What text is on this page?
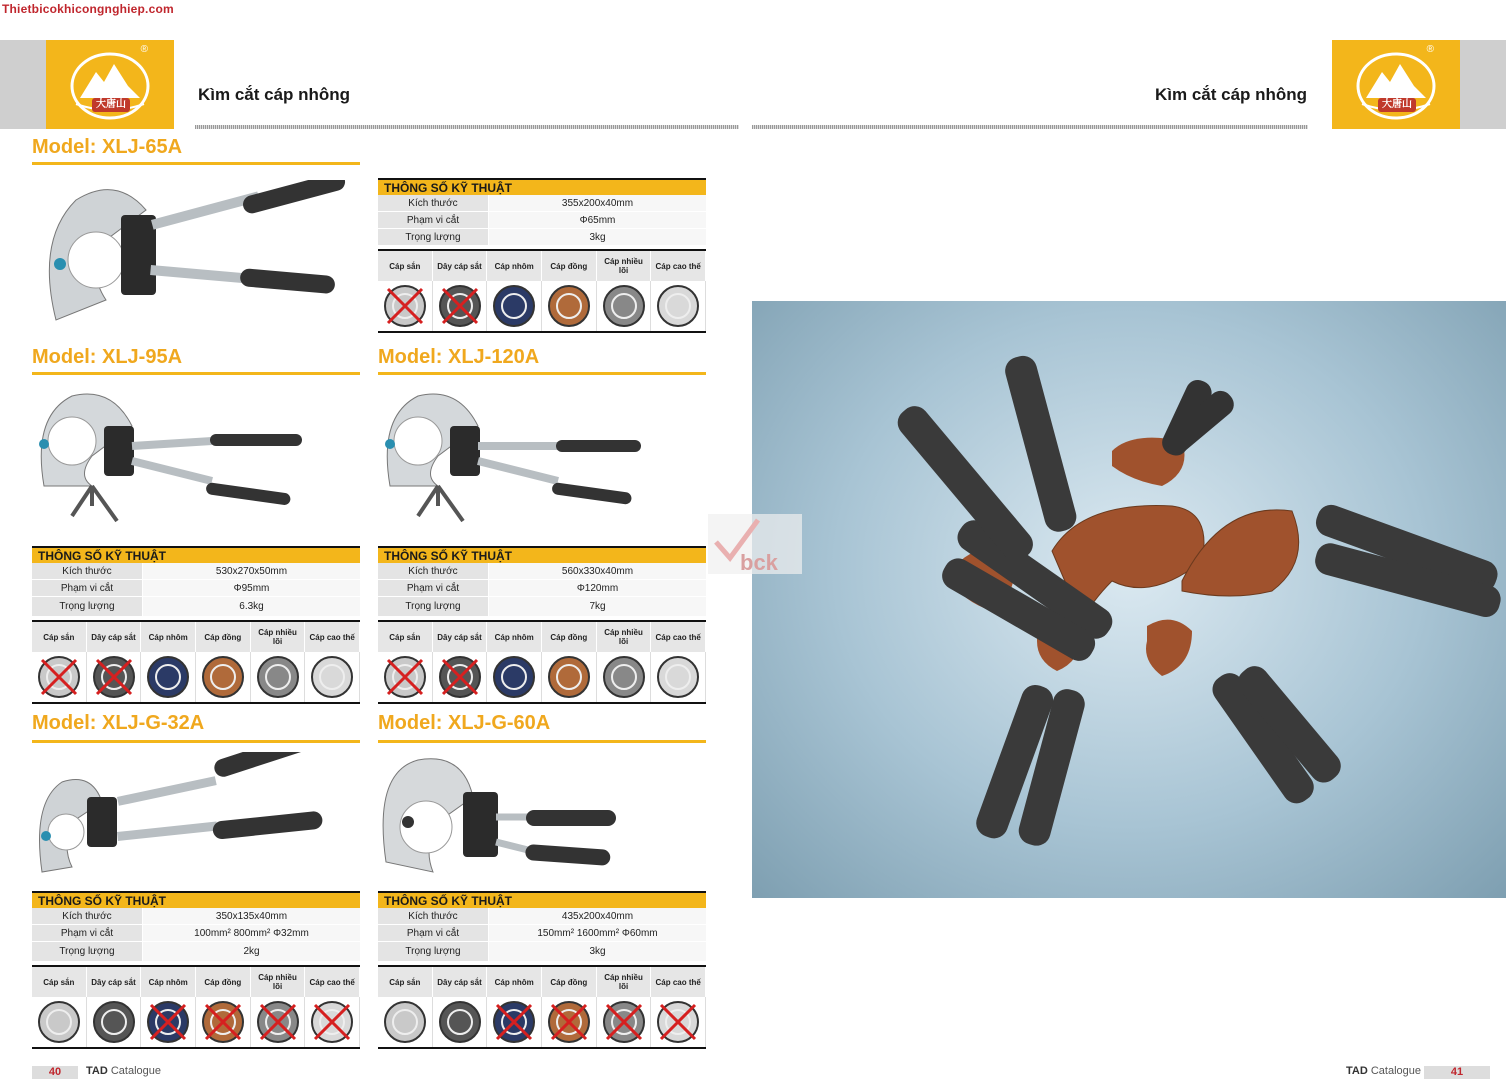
Thietbicokhicongnghiep.com
大唐山
®
Kìm cắt cáp nhông	Kìm cắt cáp nhông
大唐山
®
Model: XLJ-65A
Model: XLJ-95A	Model: XLJ-120A
Model: XLJ-G-32A	Model: XLJ-G-60A
THÔNG SỐ KỸ THUẬT
Kích thước	355x200x40mm
Phạm vi cắt	Φ65mm
Trọng lượng	3kg
Cáp sắn	Dây cáp sắt	Cáp nhôm	Cáp đồng	Cáp nhiều lõi	Cáp cao thế
THÔNG SỐ KỸ THUẬT
Kích thước	530x270x50mm
Phạm vi cắt	Φ95mm
Trọng lượng	6.3kg
Cáp sắn	Dây cáp sắt	Cáp nhôm	Cáp đồng	Cáp nhiều lõi	Cáp cao thế
THÔNG SỐ KỸ THUẬT
Kích thước	560x330x40mm
Phạm vi cắt	Φ120mm
Trọng lượng	7kg
Cáp sắn	Dây cáp sắt	Cáp nhôm	Cáp đồng	Cáp nhiều lõi	Cáp cao thế
THÔNG SỐ KỸ THUẬT
Kích thước	350x135x40mm
Phạm vi cắt	100mm² 800mm² Φ32mm
Trọng lượng	2kg
Cáp sắn	Dây cáp sắt	Cáp nhôm	Cáp đồng	Cáp nhiều lõi	Cáp cao thế
THÔNG SỐ KỸ THUẬT
Kích thước	435x200x40mm
Phạm vi cắt	150mm² 1600mm² Φ60mm
Trọng lượng	3kg
Cáp sắn	Dây cáp sắt	Cáp nhôm	Cáp đồng	Cáp nhiều lõi	Cáp cao thế
bck
40	TAD Catalogue	TAD Catalogue	41
